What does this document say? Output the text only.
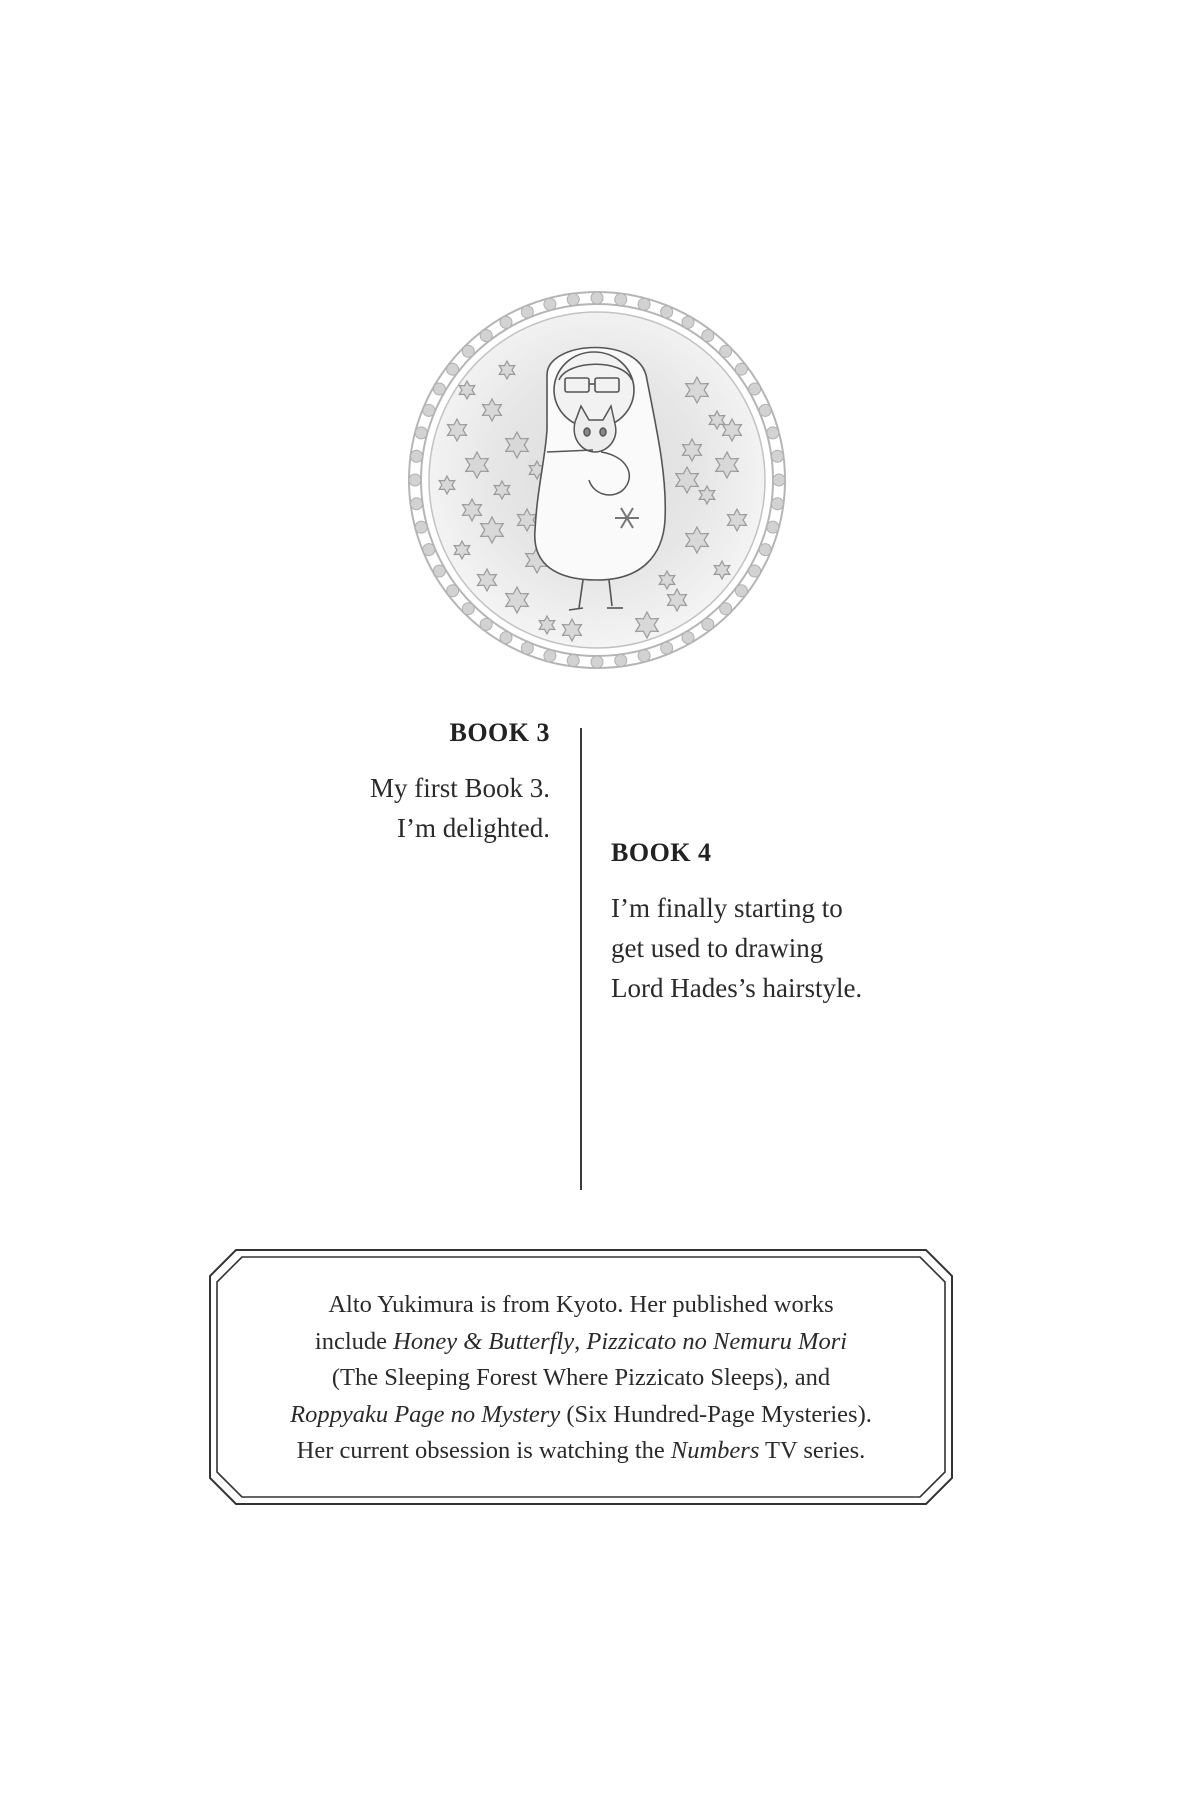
BOOK 3

My first Book 3.
I’m delighted.

BOOK 4

I’m finally starting to
get used to drawing
Lord Hades’s hairstyle.

Alto Yukimura is from Kyoto. Her published works
include Honey & Butterfly, Pizzicato no Nemuru Mori
(The Sleeping Forest Where Pizzicato Sleeps), and
Roppyaku Page no Mystery (Six Hundred-Page Mysteries).
Her current obsession is watching the Numbers TV series.
